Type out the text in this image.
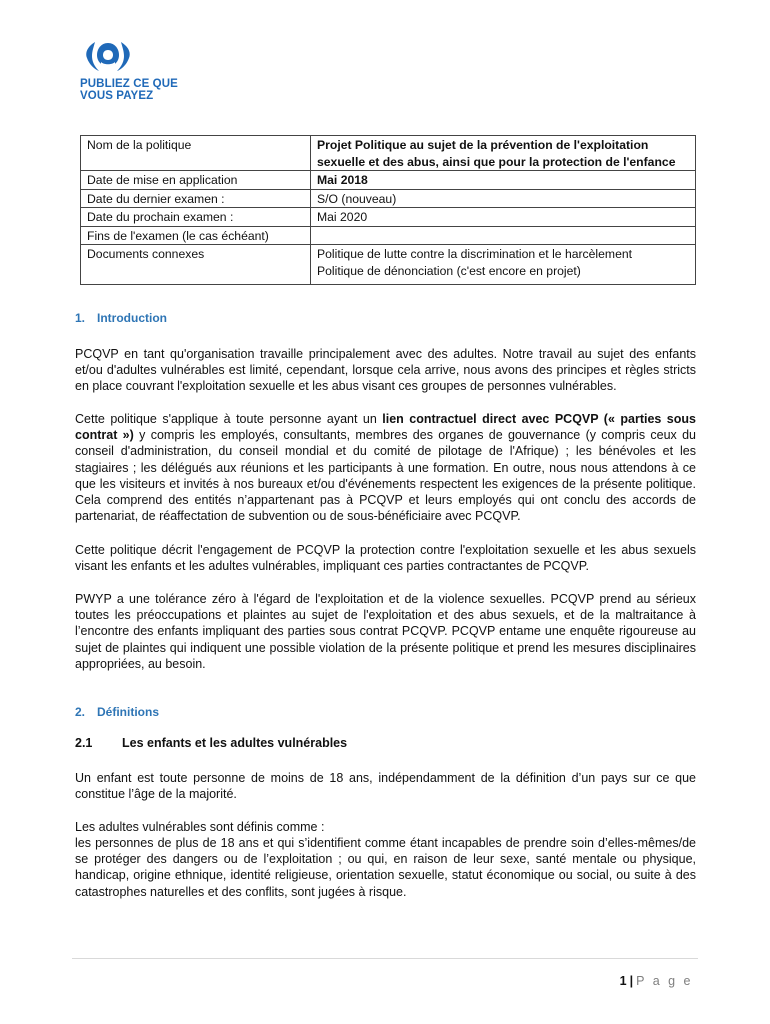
PUBLIEZ CE QUE
VOUS PAYEZ
Nom de la politique	Projet Politique au sujet de la prévention de l'exploitation sexuelle et des abus, ainsi que pour la protection de l'enfance
Date de mise en application	Mai 2018
Date du dernier examen :	S/O (nouveau)
Date du prochain examen :	Mai 2020
Fins de l'examen (le cas échéant)	
Documents connexes	Politique de lutte contre la discrimination et le harcèlement
Politique de dénonciation (c'est encore en projet)
1. Introduction
PCQVP en tant qu'organisation travaille principalement avec des adultes. Notre travail au sujet des enfants et/ou d'adultes vulnérables est limité, cependant, lorsque cela arrive, nous avons des principes et règles stricts en place couvrant l'exploitation sexuelle et les abus visant ces groupes de personnes vulnérables.
Cette politique s'applique à toute personne ayant un lien contractuel direct avec PCQVP (« parties sous contrat ») y compris les employés, consultants, membres des organes de gouvernance (y compris ceux du conseil d'administration, du conseil mondial et du comité de pilotage de l'Afrique) ; les bénévoles et les stagiaires ; les délégués aux réunions et les participants à une formation. En outre, nous nous attendons à ce que les visiteurs et invités à nos bureaux et/ou d'événements respectent les exigences de la présente politique. Cela comprend des entités n’appartenant pas à PCQVP et leurs employés qui ont conclu des accords de partenariat, de réaffectation de subvention ou de sous-bénéficiaire avec PCQVP.
Cette politique décrit l'engagement de PCQVP la protection contre l'exploitation sexuelle et les abus sexuels visant les enfants et les adultes vulnérables, impliquant ces parties contractantes de PCQVP.
PWYP a une tolérance zéro à l'égard de l'exploitation et de la violence sexuelles. PCQVP prend au sérieux toutes les préoccupations et plaintes au sujet de l'exploitation et des abus sexuels, et de la maltraitance à l’encontre des enfants impliquant des parties sous contrat PCQVP. PCQVP entame une enquête rigoureuse au sujet de plaintes qui indiquent une possible violation de la présente politique et prend les mesures disciplinaires appropriées, au besoin.
2. Définitions
2.1 Les enfants et les adultes vulnérables
Un enfant est toute personne de moins de 18 ans, indépendamment de la définition d’un pays sur ce que constitue l’âge de la majorité.
Les adultes vulnérables sont définis comme :
les personnes de plus de 18 ans et qui s’identifient comme étant incapables de prendre soin d’elles-mêmes/de se protéger des dangers ou de l’exploitation ; ou qui, en raison de leur sexe, santé mentale ou physique, handicap, origine ethnique, identité religieuse, orientation sexuelle, statut économique ou social, ou suite à des catastrophes naturelles et des conflits, sont jugées à risque.
1 | P a g e
